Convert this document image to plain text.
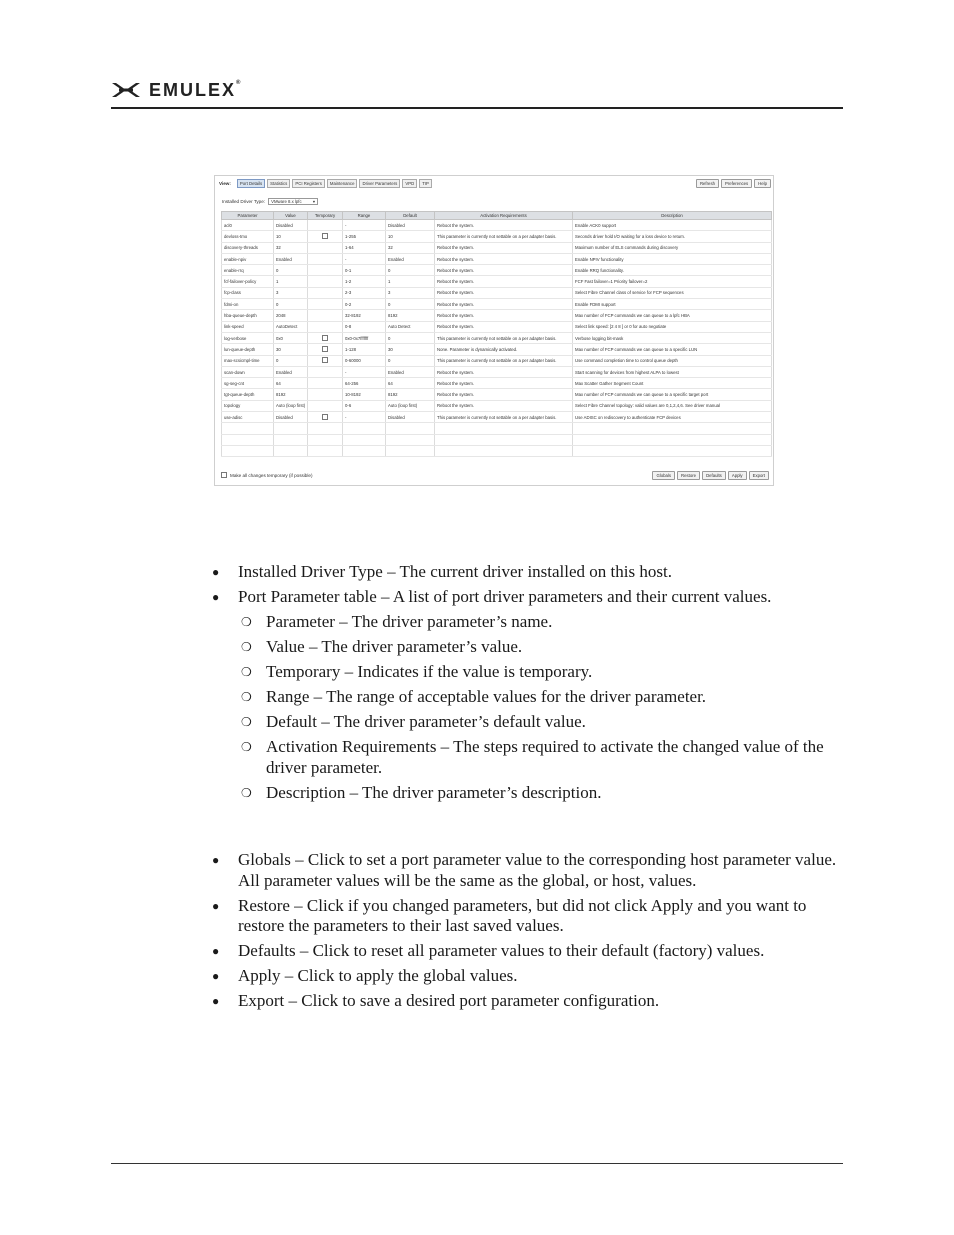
EMULEX®
View:	Port Details	Statistics	PCI Registers	Maintenance	Driver Parameters	VPD	TIP	Refresh	Preferences	Help
Installed Driver Type: VMware 8.x lpfc	▾
Parameter	Value	Temporary	Range	Default	Activation Requirements	Description
acl0	Disabled		-	Disabled	Reboot the system.	Enable ACK0 support
devloss-tmo	10		1-255	10	This parameter is currently not settable on a per adapter basis.	Seconds driver hold I/O waiting for a loss device to return.
discovery-threads	32		1-64	32	Reboot the system.	Maximum number of ELS commands during discovery
enable-npiv	Enabled		-	Enabled	Reboot the system.	Enable NPIV functionality
enable-rrq	0		0-1	0	Reboot the system.	Enable RRQ functionality.
fcf-failover-policy	1		1-2	1	Reboot the system.	FCF Fast failover=1 Priority failover=2
fcp-class	3		2-3	3	Reboot the system.	Select Fibre Channel class of service for FCP sequences
fdmi-on	0		0-2	0	Reboot the system.	Enable FDMI support
hba-queue-depth	2048		32-8192	8192	Reboot the system.	Max number of FCP commands we can queue to a lpfc HBA
link-speed	AutoDetect		0-8	Auto Detect	Reboot the system.	Select link speed: [2 4 8 ] or 0 for auto negotiate
log-verbose	0x0		0x0-0x7fffffff	0	This parameter is currently not settable on a per adapter basis.	Verbose logging bit-mask
lun-queue-depth	30		1-128	30	None. Parameter is dynamically activated.	Max number of FCP commands we can queue to a specific LUN
max-scsicmpl-time	0		0-60000	0	This parameter is currently not settable on a per adapter basis.	Use command completion time to control queue depth
scan-down	Enabled		-	Enabled	Reboot the system.	Start scanning for devices from highest ALPA to lowest
sg-seg-cnt	64		64-256	64	Reboot the system.	Max Scatter Gather Segment Count
tgt-queue-depth	8192		10-8192	8192	Reboot the system.	Max number of FCP commands we can queue to a specific target port
topology	Auto (loop first)		0-6	Auto (loop first)	Reboot the system.	Select Fibre Channel topology: valid values are 0,1,2,4,6. See driver manual
use-adisc	Disabled		-	Disabled	This parameter is currently not settable on a per adapter basis.	Use ADISC on rediscovery to authenticate FCP devices

Make all changes temporary (if possible)	Globals	Restore	Defaults	Apply	Export
● Installed Driver Type – The current driver installed on this host.
● Port Parameter table – A list of port driver parameters and their current values.
❍ Parameter – The driver parameter’s name.
❍ Value – The driver parameter’s value.
❍ Temporary – Indicates if the value is temporary.
❍ Range – The range of acceptable values for the driver parameter.
❍ Default – The driver parameter’s default value.
❍ Activation Requirements – The steps required to activate the changed value of the driver parameter.
❍ Description – The driver parameter’s description.
● Globals – Click to set a port parameter value to the corresponding host parameter value. All parameter values will be the same as the global, or host, values.
● Restore – Click if you changed parameters, but did not click Apply and you want to restore the parameters to their last saved values.
● Defaults – Click to reset all parameter values to their default (factory) values.
● Apply – Click to apply the global values.
● Export – Click to save a desired port parameter configuration.
